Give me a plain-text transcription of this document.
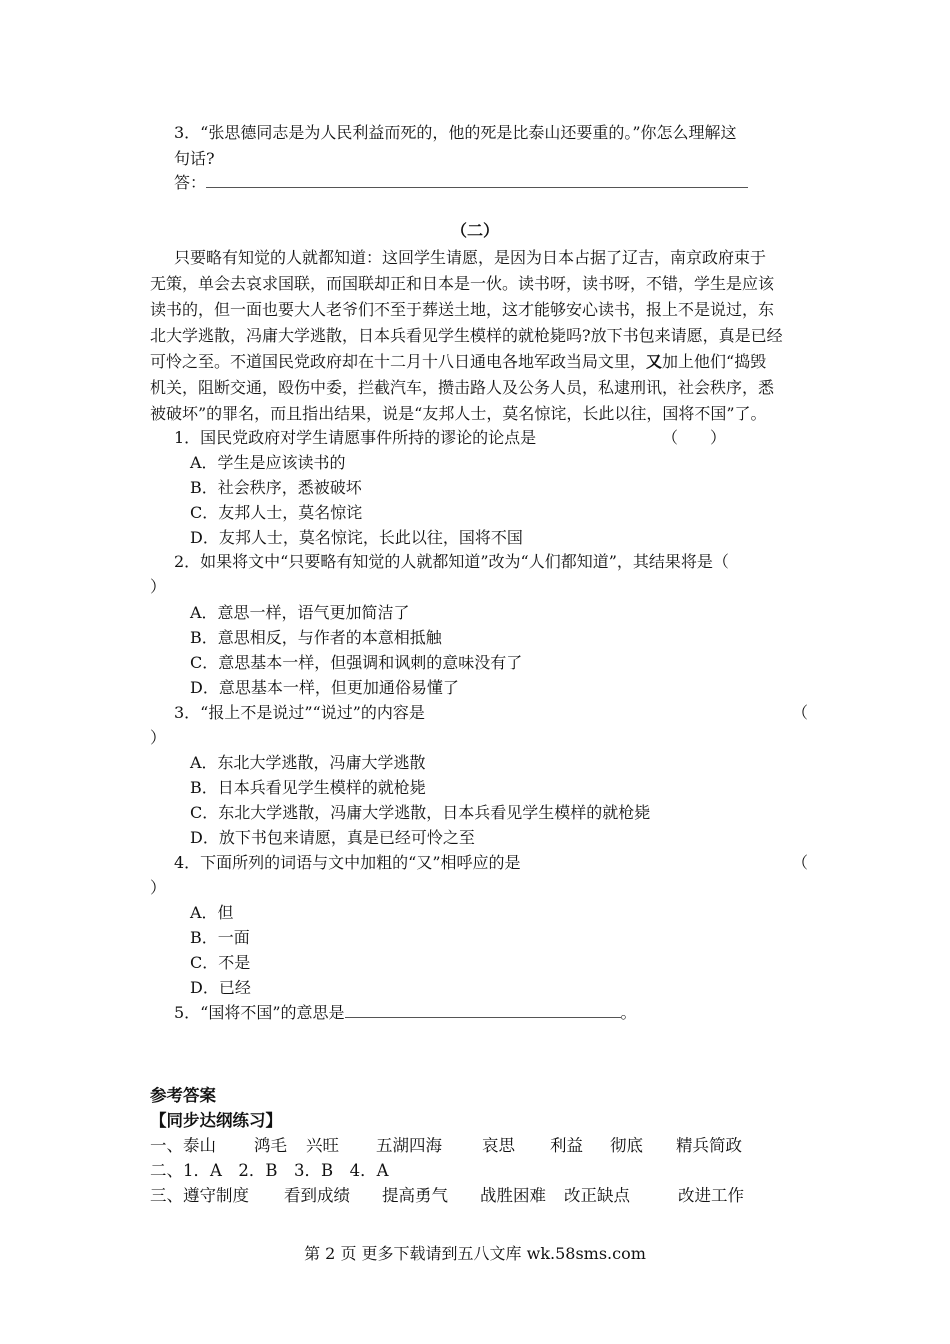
3．“张思德同志是为人民利益而死的，他的死是比泰山还要重的。”你怎么理解这
句话?
答：
（二）
只要略有知觉的人就都知道：这回学生请愿，是因为日本占据了辽吉，南京政府束于
无策，单会去哀求国联，而国联却正和日本是一伙。读书呀，读书呀，不错，学生是应该
读书的，但一面也要大人老爷们不至于葬送土地，这才能够安心读书，报上不是说过，东
北大学逃散，冯庸大学逃散，日本兵看见学生模样的就枪毙吗?放下书包来请愿，真是已经
可怜之至。不道国民党政府却在十二月十八日通电各地军政当局文里，又加上他们“捣毁
机关，阻断交通，殴伤中委，拦截汽车，攒击路人及公务人员，私逮刑讯，社会秩序，悉
被破坏”的罪名，而且指出结果，说是“友邦人士，莫名惊诧，长此以往，国将不国”了。
1．国民党政府对学生请愿事件所持的谬论的论点是	（　　）
A．学生是应该读书的
B．社会秩序，悉被破坏
C．友邦人士，莫名惊诧
D．友邦人士，莫名惊诧，长此以往，国将不国
2．如果将文中“只要略有知觉的人就都知道”改为“人们都知道”，其结果将是（
）
A．意思一样，语气更加简洁了
B．意思相反，与作者的本意相抵触
C．意思基本一样，但强调和讽刺的意味没有了
D．意思基本一样，但更加通俗易懂了
3．“报上不是说过”“说过”的内容是	（
）
A．东北大学逃散，冯庸大学逃散
B．日本兵看见学生模样的就枪毙
C．东北大学逃散，冯庸大学逃散，日本兵看见学生模样的就枪毙
D．放下书包来请愿，真是已经可怜之至
4．下面所列的词语与文中加粗的“又”相呼应的是	（
）
A．但
B．一面
C．不是
D．已经
5．“国将不国”的意思是	。
参考答案
【同步达纲练习】
一、泰山 鸿毛 兴旺 五湖四海 哀思 利益 彻底 精兵简政
二、1．A　2．B　3．B　4．A
三、遵守制度 看到成绩 提高勇气 战胜困难 改正缺点	改进工作
第 2 页 更多下载请到五八文库 wk.58sms.com
